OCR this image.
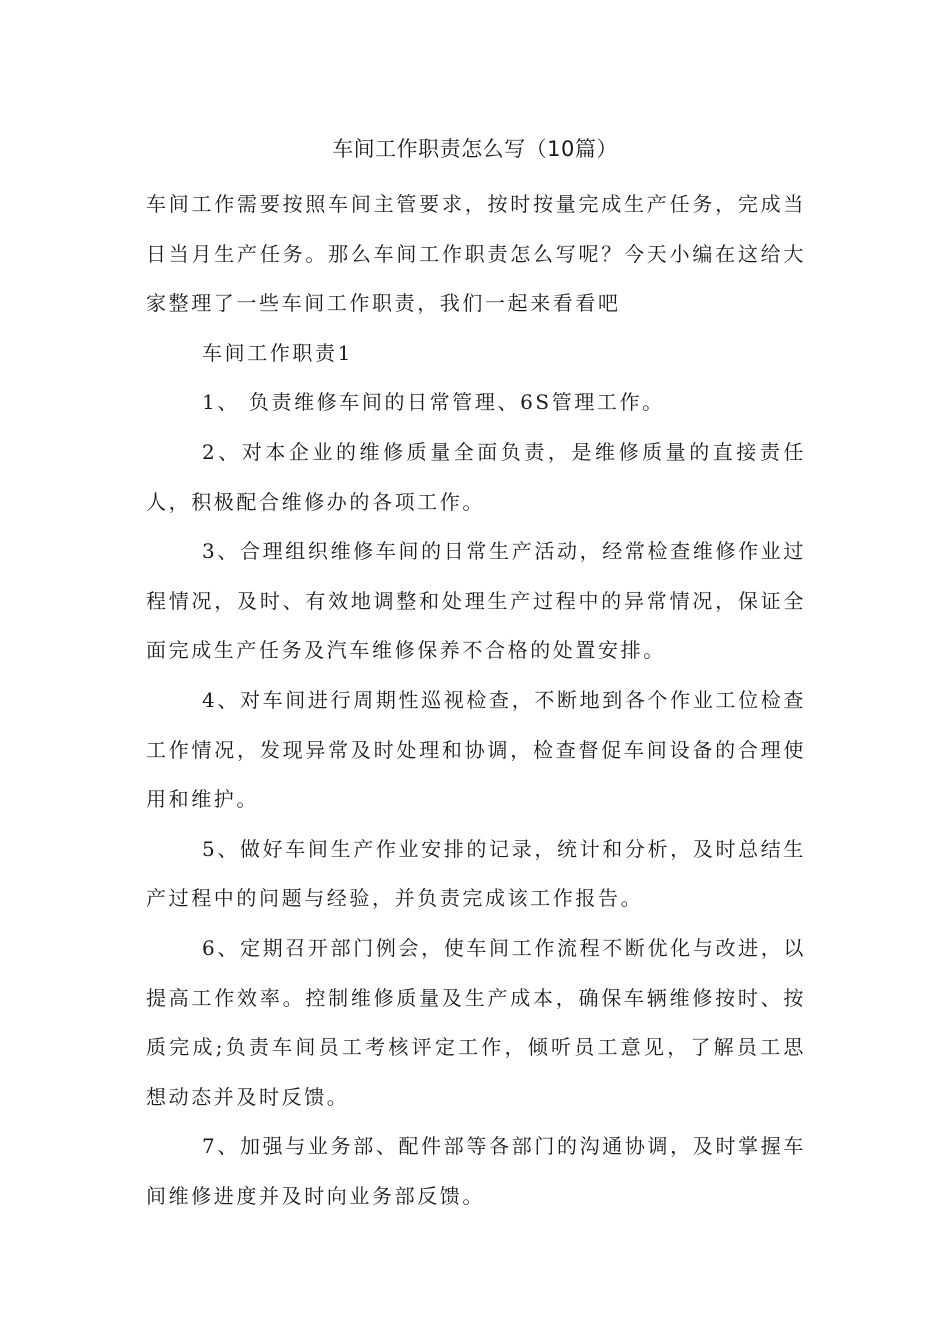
车间工作职责怎么写（10篇）

车间工作需要按照车间主管要求，按时按量完成生产任务，完成当日当月生产任务。那么车间工作职责怎么写呢？今天小编在这给大家整理了一些车间工作职责，我们一起来看看吧

车间工作职责1

1、 负责维修车间的日常管理、6S管理工作。

2、对本企业的维修质量全面负责，是维修质量的直接责任人，积极配合维修办的各项工作。

3、合理组织维修车间的日常生产活动，经常检查维修作业过程情况，及时、有效地调整和处理生产过程中的异常情况，保证全面完成生产任务及汽车维修保养不合格的处置安排。

4、对车间进行周期性巡视检查，不断地到各个作业工位检查工作情况，发现异常及时处理和协调，检查督促车间设备的合理使用和维护。

5、做好车间生产作业安排的记录，统计和分析，及时总结生产过程中的问题与经验，并负责完成该工作报告。

6、定期召开部门例会，使车间工作流程不断优化与改进，以提高工作效率。控制维修质量及生产成本，确保车辆维修按时、按质完成;负责车间员工考核评定工作，倾听员工意见，了解员工思想动态并及时反馈。

7、加强与业务部、配件部等各部门的沟通协调，及时掌握车间维修进度并及时向业务部反馈。
